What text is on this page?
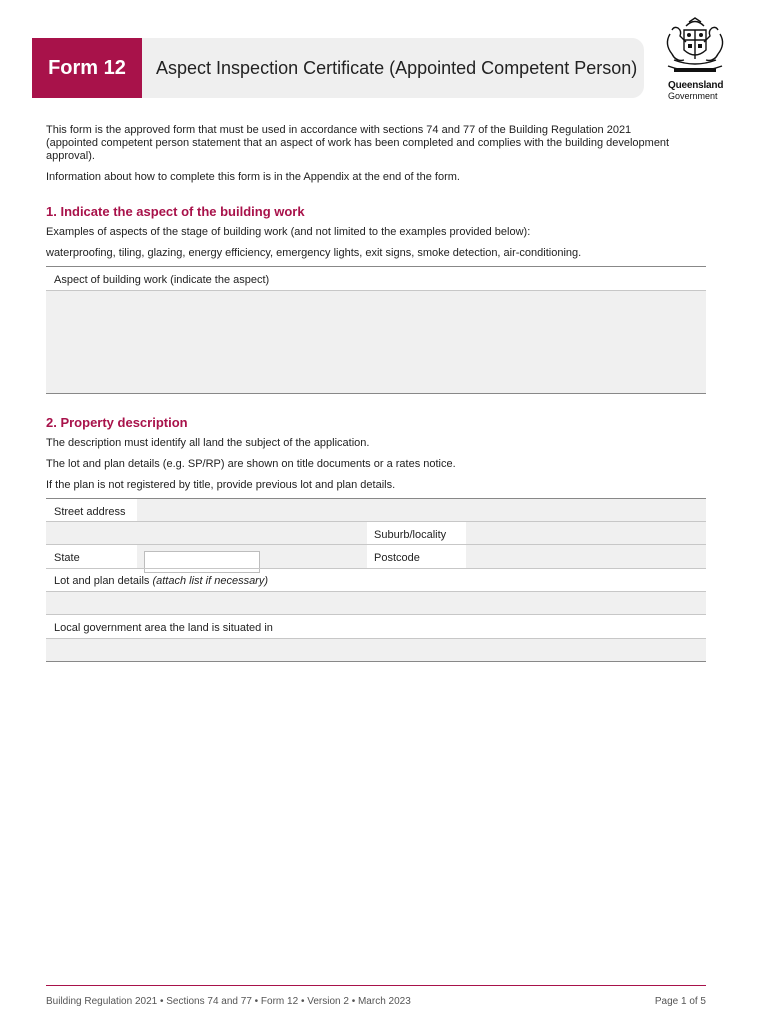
Form 12	Aspect Inspection Certificate (Appointed Competent Person)
Queensland
Government
This form is the approved form that must be used in accordance with sections 74 and 77 of the Building Regulation 2021
(appointed competent person statement that an aspect of work has been completed and complies with the building development
approval).
Information about how to complete this form is in the Appendix at the end of the form.
1. Indicate the aspect of the building work
Examples of aspects of the stage of building work (and not limited to the examples provided below):
waterproofing, tiling, glazing, energy efficiency, emergency lights, exit signs, smoke detection, air-conditioning.
Aspect of building work (indicate the aspect)
2. Property description
The description must identify all land the subject of the application.
The lot and plan details (e.g. SP/RP) are shown on title documents or a rates notice.
If the plan is not registered by title, provide previous lot and plan details.
Street address
Suburb/locality
State	Postcode
Lot and plan details (attach list if necessary)
Local government area the land is situated in
Building Regulation 2021 • Sections 74 and 77 • Form 12 • Version 2 • March 2023	Page 1 of 5
